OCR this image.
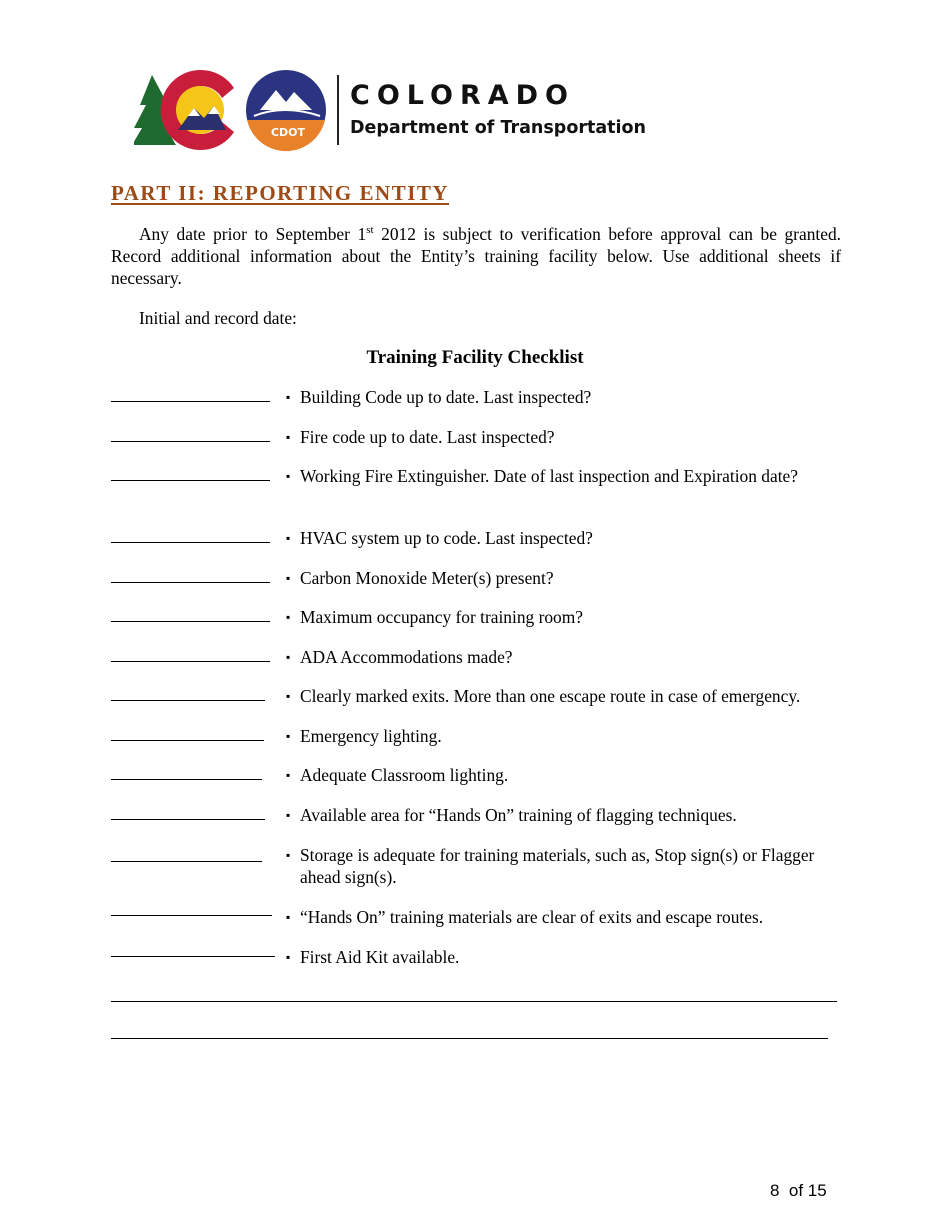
CDOT
COLORADO
Department of Transportation
PART II: REPORTING ENTITY
Any date prior to September 1st 2012 is subject to verification before approval can be granted. Record additional information about the Entity’s training facility below. Use additional sheets if necessary.
Initial and record date:
Training Facility Checklist
▪ Building Code up to date. Last inspected?
▪ Fire code up to date. Last inspected?
▪ Working Fire Extinguisher. Date of last inspection and Expiration date?
▪ HVAC system up to code. Last inspected?
▪ Carbon Monoxide Meter(s) present?
▪ Maximum occupancy for training room?
▪ ADA Accommodations made?
▪ Clearly marked exits. More than one escape route in case of emergency.
▪ Emergency lighting.
▪ Adequate Classroom lighting.
▪ Available area for “Hands On” training of flagging techniques.
▪ Storage is adequate for training materials, such as, Stop sign(s) or Flagger ahead sign(s).
▪ “Hands On” training materials are clear of exits and escape routes.
▪ First Aid Kit available.
8  of 15
